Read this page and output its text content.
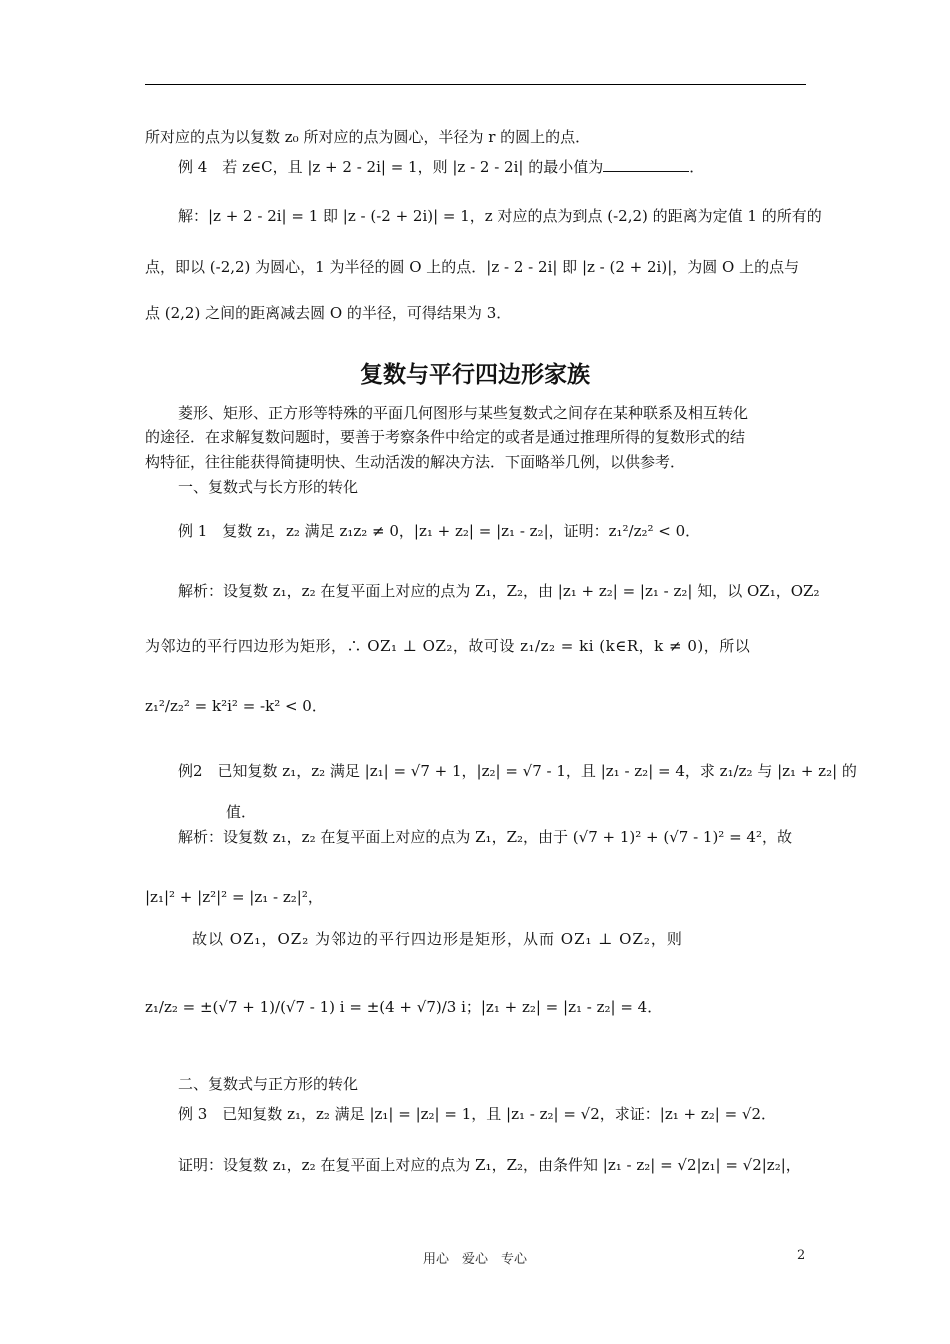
所对应的点为以复数 z₀ 所对应的点为圆心，半径为 r 的圆上的点．
例 4　若 z∈C，且 |z + 2 - 2i| = 1，则 |z - 2 - 2i| 的最小值为	．
解：|z + 2 - 2i| = 1 即 |z - (-2 + 2i)| = 1，z 对应的点为到点 (-2,2) 的距离为定值 1 的所有的
点，即以 (-2,2) 为圆心，1 为半径的圆 O 上的点．|z - 2 - 2i| 即 |z - (2 + 2i)|，为圆 O 上的点与
点 (2,2) 之间的距离减去圆 O 的半径，可得结果为 3．
复数与平行四边形家族
菱形、矩形、正方形等特殊的平面几何图形与某些复数式之间存在某种联系及相互转化
的途径．在求解复数问题时，要善于考察条件中给定的或者是通过推理所得的复数形式的结
构特征，往往能获得简捷明快、生动活泼的解决方法．下面略举几例，以供参考．
一、复数式与长方形的转化
例 1　复数 z₁，z₂ 满足 z₁z₂ ≠ 0，|z₁ + z₂| = |z₁ - z₂|，证明：z₁²/z₂² < 0．
解析：设复数 z₁，z₂ 在复平面上对应的点为 Z₁，Z₂，由 |z₁ + z₂| = |z₁ - z₂| 知，以 OZ₁，OZ₂
为邻边的平行四边形为矩形，∴ OZ₁ ⊥ OZ₂，故可设 z₁/z₂ = ki (k∈R，k ≠ 0)，所以
z₁²/z₂² = k²i² = -k² < 0．
例2　已知复数 z₁，z₂ 满足 |z₁| = √7 + 1，|z₂| = √7 - 1，且 |z₁ - z₂| = 4，求 z₁/z₂ 与 |z₁ + z₂| 的
值．
解析：设复数 z₁，z₂ 在复平面上对应的点为 Z₁，Z₂，由于 (√7 + 1)² + (√7 - 1)² = 4²，故
|z₁|² + |z²|² = |z₁ - z₂|²，
故以 OZ₁，OZ₂ 为邻边的平行四边形是矩形，从而 OZ₁ ⊥ OZ₂，则
z₁/z₂ = ±(√7 + 1)/(√7 - 1) i = ±(4 + √7)/3 i；|z₁ + z₂| = |z₁ - z₂| = 4．
二、复数式与正方形的转化
例 3　已知复数 z₁，z₂ 满足 |z₁| = |z₂| = 1，且 |z₁ - z₂| = √2，求证：|z₁ + z₂| = √2．
证明：设复数 z₁，z₂ 在复平面上对应的点为 Z₁，Z₂，由条件知 |z₁ - z₂| = √2|z₁| = √2|z₂|，
用心　爱心　专心	2
